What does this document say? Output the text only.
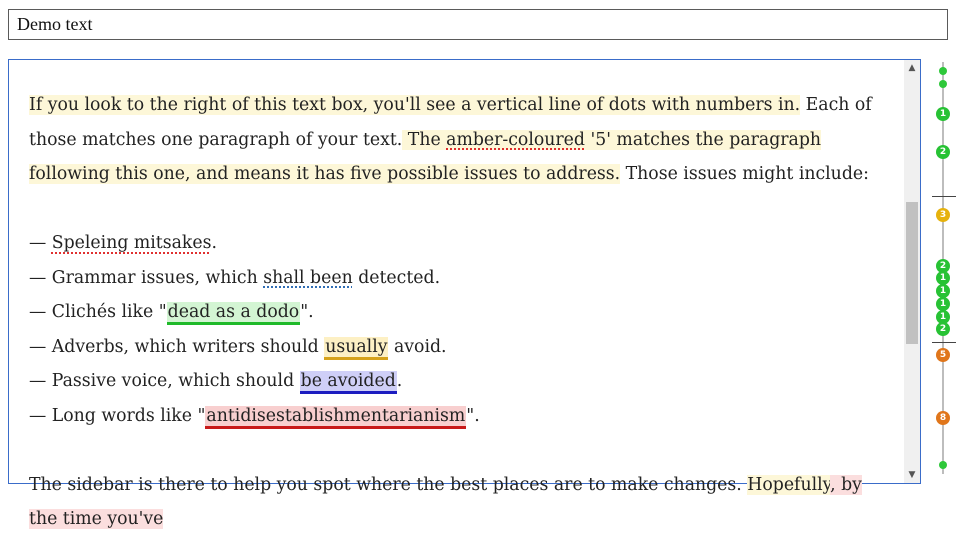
Demo text

If you look to the right of this text box, you'll see a vertical line of dots with numbers in. Each of those matches one paragraph of your text. The amber-coloured '5' matches the paragraph following this one, and means it has five possible issues to address. Those issues might include:

— Speleing mitsakes.

— Grammar issues, which shall been detected.

— Clichés like "dead as a dodo".

— Adverbs, which writers should usually avoid.

— Passive voice, which should be avoided.

— Long words like "antidisestablishmentarianism".

The sidebar is there to help you spot where the best places are to make changes. Hopefully, by the time you've

▲
▼
1
2
3
2
1
1
1
1
2
5
8
